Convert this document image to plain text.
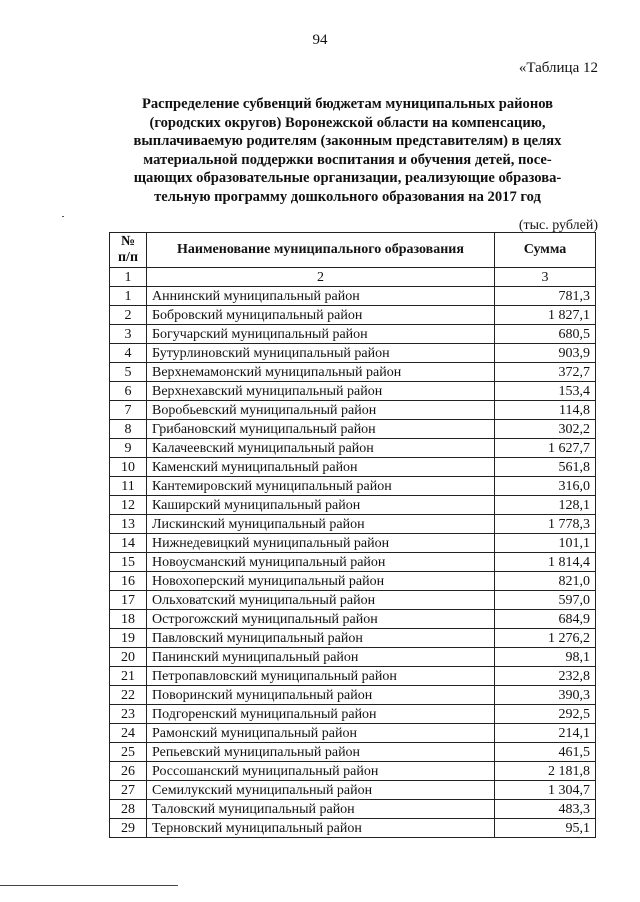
94
«Таблица 12
Распределение субвенций бюджетам муниципальных районов
(городских округов) Воронежской области на компенсацию,
выплачиваемую родителям (законным представителям) в целях
материальной поддержки воспитания и обучения детей, посе-
щающих образовательные организации, реализующие образова-
тельную программу дошкольного образования на 2017 год
(тыс. рублей)
№
п/п	Наименование муниципального образования	Сумма
1	2	3
1	Аннинский муниципальный район	781,3
2	Бобровский муниципальный район	1 827,1
3	Богучарский муниципальный район	680,5
4	Бутурлиновский муниципальный район	903,9
5	Верхнемамонский муниципальный район	372,7
6	Верхнехавский муниципальный район	153,4
7	Воробьевский муниципальный район	114,8
8	Грибановский муниципальный район	302,2
9	Калачеевский муниципальный район	1 627,7
10	Каменский муниципальный район	561,8
11	Кантемировский муниципальный район	316,0
12	Каширский муниципальный район	128,1
13	Лискинский муниципальный район	1 778,3
14	Нижнедевицкий муниципальный район	101,1
15	Новоусманский муниципальный район	1 814,4
16	Новохоперский муниципальный район	821,0
17	Ольховатский муниципальный район	597,0
18	Острогожский муниципальный район	684,9
19	Павловский муниципальный район	1 276,2
20	Панинский муниципальный район	98,1
21	Петропавловский муниципальный район	232,8
22	Поворинский муниципальный район	390,3
23	Подгоренский муниципальный район	292,5
24	Рамонский муниципальный район	214,1
25	Репьевский муниципальный район	461,5
26	Россошанский муниципальный район	2 181,8
27	Семилукский муниципальный район	1 304,7
28	Таловский муниципальный район	483,3
29	Терновский муниципальный район	95,1
